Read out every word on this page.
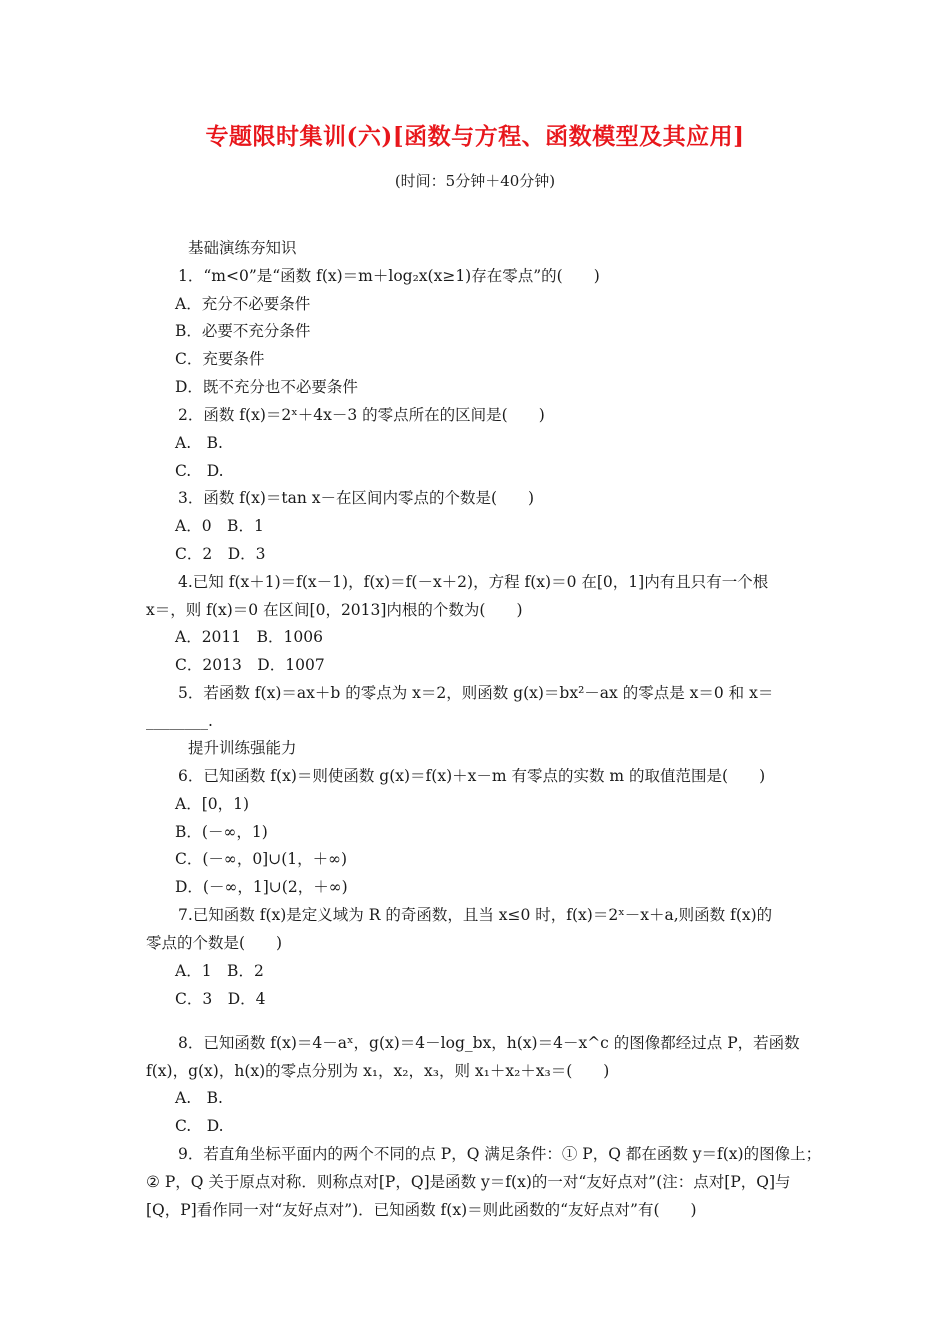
专题限时集训(六)[函数与方程、函数模型及其应用]
(时间：5分钟＋40分钟)
基础演练夯知识
1．“m<0”是“函数 f(x)＝m＋log₂x(x≥1)存在零点”的(　　)
A．充分不必要条件
B．必要不充分条件
C．充要条件
D．既不充分也不必要条件
2．函数 f(x)＝2ˣ＋4x－3 的零点所在的区间是(　　)
A.　B.
C.　D.
3．函数 f(x)＝tan x－在区间内零点的个数是(　　)
A．0　B．1
C．2　D．3
4.已知 f(x＋1)＝f(x－1)，f(x)＝f(－x＋2)，方程 f(x)＝0 在[0，1]内有且只有一个根
x＝，则 f(x)＝0 在区间[0，2013]内根的个数为(　　)
A．2011　B．1006
C．2013　D．1007
5．若函数 f(x)＝ax＋b 的零点为 x＝2，则函数 g(x)＝bx²－ax 的零点是 x＝0 和 x＝
________.
提升训练强能力
6．已知函数 f(x)＝则使函数 g(x)＝f(x)＋x－m 有零点的实数 m 的取值范围是(　　)
A．[0，1)
B．(－∞，1)
C．(－∞，0]∪(1，＋∞)
D．(－∞，1]∪(2，＋∞)
7.已知函数 f(x)是定义域为 R 的奇函数，且当 x≤0 时，f(x)＝2ˣ－x＋a,则函数 f(x)的
零点的个数是(　　)
A．1　B．2
C．3　D．4
8．已知函数 f(x)＝4－aˣ，g(x)＝4－log_bx，h(x)＝4－x^c 的图像都经过点 P，若函数
f(x)，g(x)，h(x)的零点分别为 x₁，x₂，x₃，则 x₁＋x₂＋x₃＝(　　)
A.　B.
C.　D.
9．若直角坐标平面内的两个不同的点 P，Q 满足条件：① P，Q 都在函数 y＝f(x)的图像上；
② P，Q 关于原点对称．则称点对[P，Q]是函数 y＝f(x)的一对“友好点对”(注：点对[P，Q]与
[Q，P]看作同一对“友好点对”)．已知函数 f(x)＝则此函数的“友好点对”有(　　)
